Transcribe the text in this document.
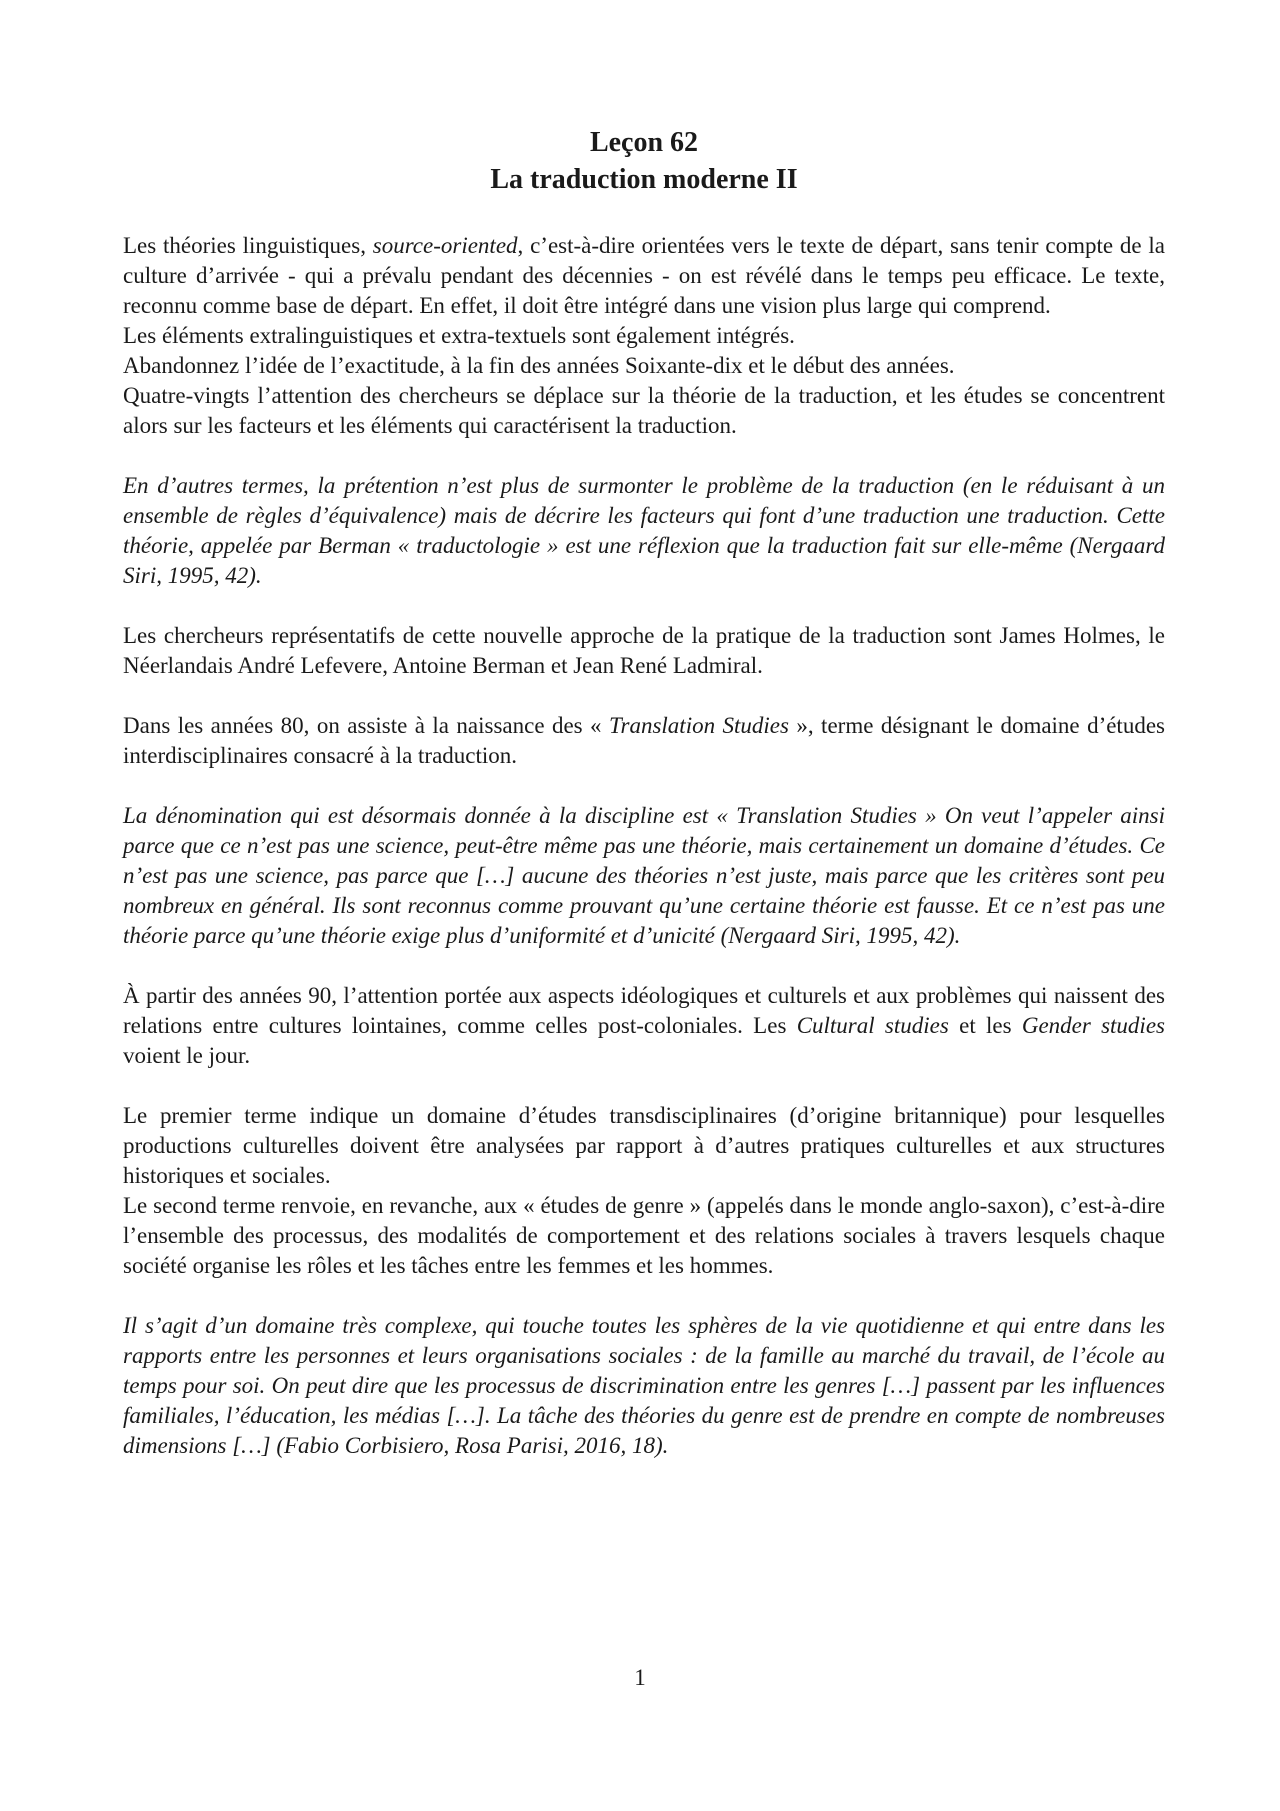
Leçon 62
La traduction moderne II

Les théories linguistiques, source-oriented, c’est-à-dire orientées vers le texte de départ, sans tenir compte de la culture d’arrivée - qui a prévalu pendant des décennies - on est révélé dans le temps peu efficace. Le texte, reconnu comme base de départ. En effet, il doit être intégré dans une vision plus large qui comprend.

Les éléments extralinguistiques et extra-textuels sont également intégrés.

Abandonnez l’idée de l’exactitude, à la fin des années Soixante-dix et le début des années.

Quatre-vingts l’attention des chercheurs se déplace sur la théorie de la traduction, et les études se concentrent alors sur les facteurs et les éléments qui caractérisent la traduction.

En d’autres termes, la prétention n’est plus de surmonter le problème de la traduction (en le réduisant à un ensemble de règles d’équivalence) mais de décrire les facteurs qui font d’une traduction une traduction. Cette théorie, appelée par Berman « traductologie » est une réflexion que la traduction fait sur elle-même (Nergaard Siri, 1995, 42).

Les chercheurs représentatifs de cette nouvelle approche de la pratique de la traduction sont James Holmes, le Néerlandais André Lefevere, Antoine Berman et Jean René Ladmiral.

Dans les années 80, on assiste à la naissance des « Translation Studies », terme désignant le domaine d’études interdisciplinaires consacré à la traduction.

La dénomination qui est désormais donnée à la discipline est « Translation Studies » On veut l’appeler ainsi parce que ce n’est pas une science, peut-être même pas une théorie, mais certainement un domaine d’études. Ce n’est pas une science, pas parce que […] aucune des théories n’est juste, mais parce que les critères sont peu nombreux en général. Ils sont reconnus comme prouvant qu’une certaine théorie est fausse. Et ce n’est pas une théorie parce qu’une théorie exige plus d’uniformité et d’unicité (Nergaard Siri, 1995, 42).

À partir des années 90, l’attention portée aux aspects idéologiques et culturels et aux problèmes qui naissent des relations entre cultures lointaines, comme celles post-coloniales. Les Cultural studies et les Gender studies voient le jour.

Le premier terme indique un domaine d’études transdisciplinaires (d’origine britannique) pour lesquelles productions culturelles doivent être analysées par rapport à d’autres pratiques culturelles et aux structures historiques et sociales.

Le second terme renvoie, en revanche, aux « études de genre » (appelés dans le monde anglo-saxon), c’est-à-dire l’ensemble des processus, des modalités de comportement et des relations sociales à travers lesquels chaque société organise les rôles et les tâches entre les femmes et les hommes.

Il s’agit d’un domaine très complexe, qui touche toutes les sphères de la vie quotidienne et qui entre dans les rapports entre les personnes et leurs organisations sociales : de la famille au marché du travail, de l’école au temps pour soi. On peut dire que les processus de discrimination entre les genres […] passent par les influences familiales, l’éducation, les médias […]. La tâche des théories du genre est de prendre en compte de nombreuses dimensions […] (Fabio Corbisiero, Rosa Parisi, 2016, 18).

1
